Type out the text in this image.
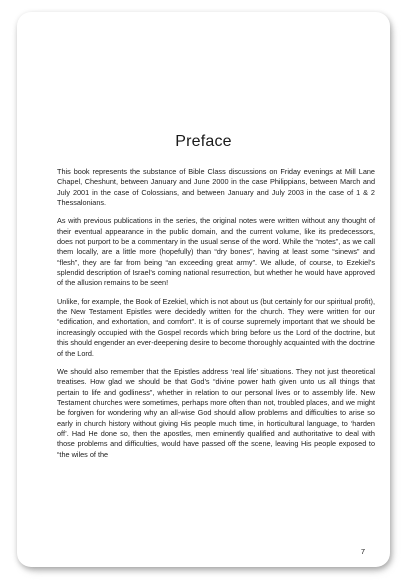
Preface

This book represents the substance of Bible Class discussions on Friday evenings at Mill Lane Chapel, Cheshunt, between January and June 2000 in the case Philippians, between March and July 2001 in the case of Colossians, and between January and July 2003 in the case of 1 & 2 Thessalonians.

As with previous publications in the series, the original notes were written without any thought of their eventual appearance in the public domain, and the current volume, like its predecessors, does not purport to be a commentary in the usual sense of the word. While the “notes”, as we call them locally, are a little more (hopefully) than “dry bones”, having at least some “sinews” and “flesh”, they are far from being “an exceeding great army”. We allude, of course, to Ezekiel’s splendid description of Israel’s coming national resurrection, but whether he would have approved of the allusion remains to be seen!

Unlike, for example, the Book of Ezekiel, which is not about us (but certainly for our spiritual profit), the New Testament Epistles were decidedly written for the church. They were written for our “edification, and exhortation, and comfort”. It is of course supremely important that we should be increasingly occupied with the Gospel records which bring before us the Lord of the doctrine, but this should engender an ever-deepening desire to become thoroughly acquainted with the doctrine of the Lord.

We should also remember that the Epistles address ‘real life’ situations. They not just theoretical treatises. How glad we should be that God’s “divine power hath given unto us all things that pertain to life and godliness”, whether in relation to our personal lives or to assembly life. New Testament churches were sometimes, perhaps more often than not, troubled places, and we might be forgiven for wondering why an all-wise God should allow problems and difficulties to arise so early in church history without giving His people much time, in horticultural language, to ‘harden off’. Had He done so, then the apostles, men eminently qualified and authoritative to deal with those problems and difficulties, would have passed off the scene, leaving His people exposed to “the wiles of the

7
